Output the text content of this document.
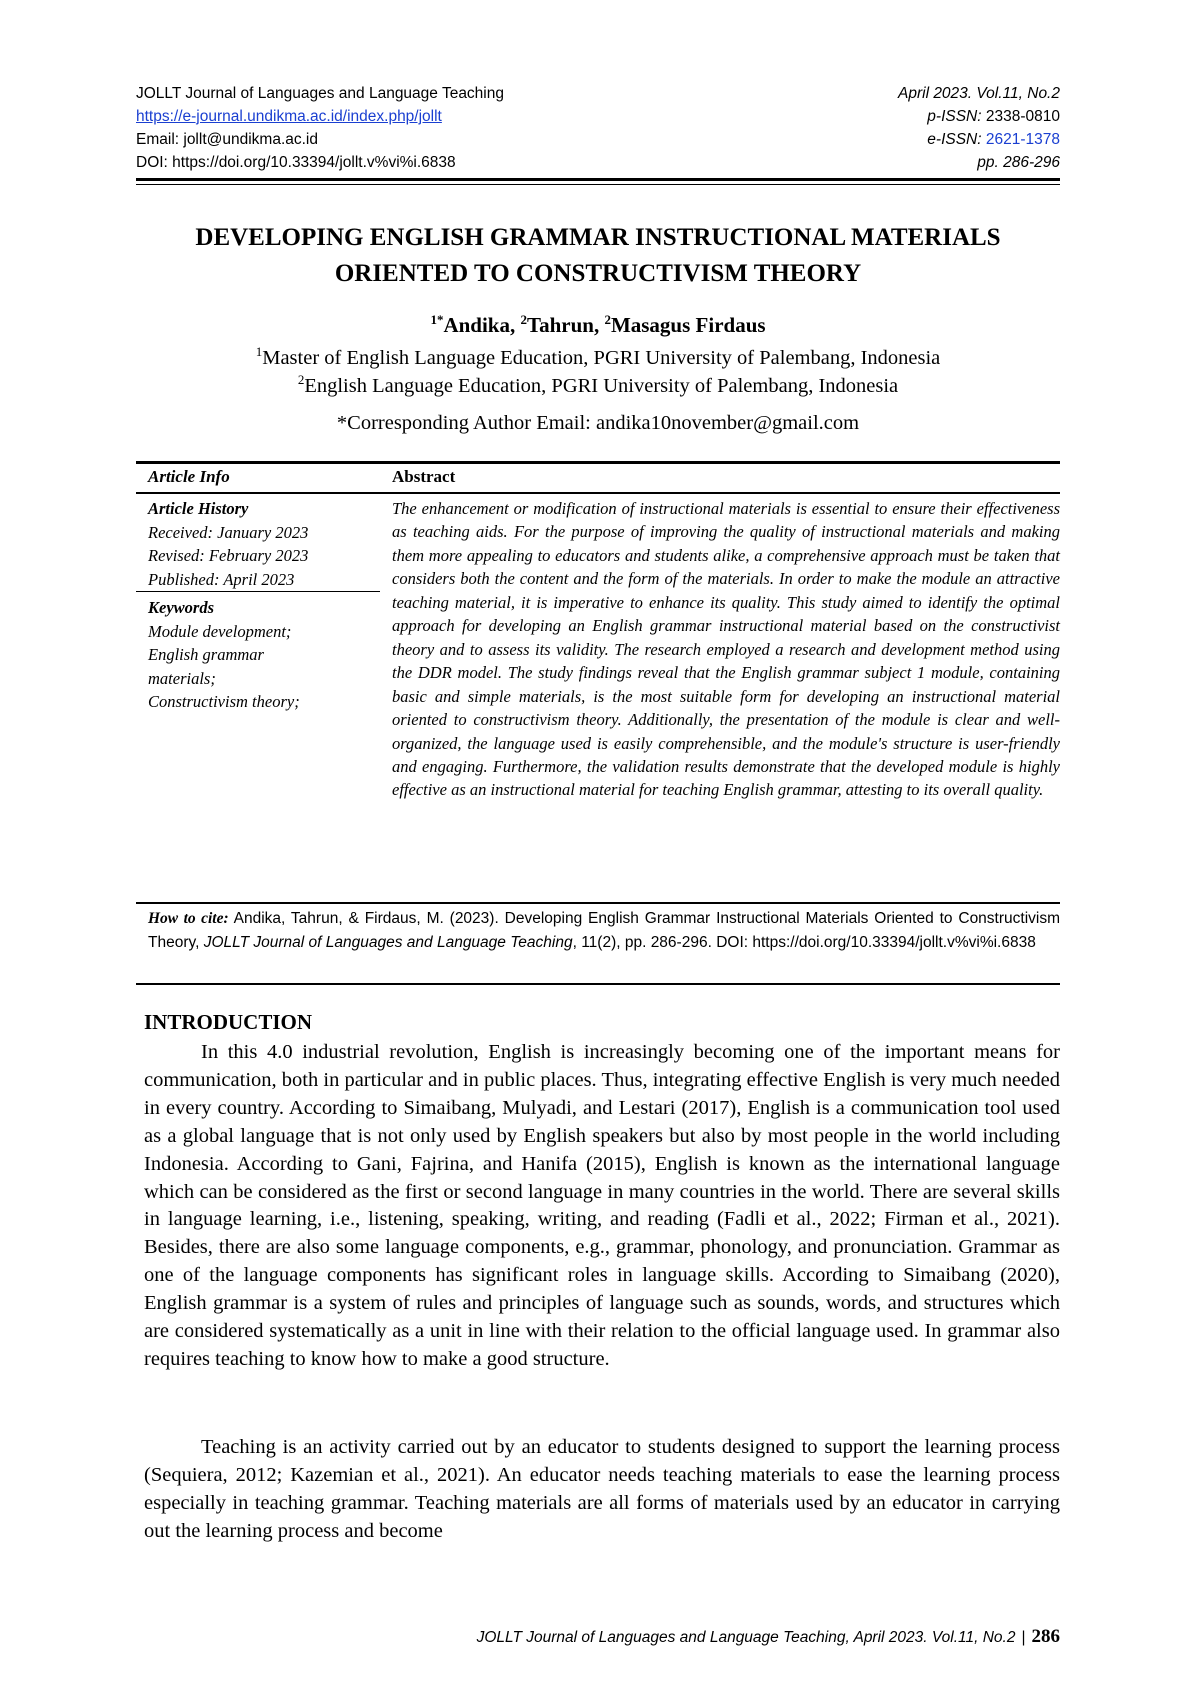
JOLLT Journal of Languages and Language Teaching	April 2023. Vol.11, No.2
https://e-journal.undikma.ac.id/index.php/jollt	p-ISSN: 2338-0810
Email: jollt@undikma.ac.id	e-ISSN: 2621-1378
DOI: https://doi.org/10.33394/jollt.v%vi%i.6838	pp. 286-296
DEVELOPING ENGLISH GRAMMAR INSTRUCTIONAL MATERIALS
ORIENTED TO CONSTRUCTIVISM THEORY
$^{1*}$Andika, $^2$Tahrun, $^2$Masagus Firdaus
$^1$Master of English Language Education, PGRI University of Palembang, Indonesia
$^2$English Language Education, PGRI University of Palembang, Indonesia
*Corresponding Author Email: andika10november@gmail.com
Article Info	Abstract
Article History
Received: January 2023
Revised: February 2023
Published: April 2023
Keywords
Module development;
English grammar
materials;
Constructivism theory;
The enhancement or modification of instructional materials is essential to ensure their effectiveness as teaching aids. For the purpose of improving the quality of instructional materials and making them more appealing to educators and students alike, a comprehensive approach must be taken that considers both the content and the form of the materials. In order to make the module an attractive teaching material, it is imperative to enhance its quality. This study aimed to identify the optimal approach for developing an English grammar instructional material based on the constructivist theory and to assess its validity. The research employed a research and development method using the DDR model. The study findings reveal that the English grammar subject 1 module, containing basic and simple materials, is the most suitable form for developing an instructional material oriented to constructivism theory. Additionally, the presentation of the module is clear and well-organized, the language used is easily comprehensible, and the module's structure is user-friendly and engaging. Furthermore, the validation results demonstrate that the developed module is highly effective as an instructional material for teaching English grammar, attesting to its overall quality.
How to cite: Andika, Tahrun, & Firdaus, M. (2023). Developing English Grammar Instructional Materials Oriented to Constructivism Theory, JOLLT Journal of Languages and Language Teaching, 11(2), pp. 286-296. DOI: https://doi.org/10.33394/jollt.v%vi%i.6838
INTRODUCTION

In this 4.0 industrial revolution, English is increasingly becoming one of the important means for communication, both in particular and in public places. Thus, integrating effective English is very much needed in every country. According to Simaibang, Mulyadi, and Lestari (2017), English is a communication tool used as a global language that is not only used by English speakers but also by most people in the world including Indonesia. According to Gani, Fajrina, and Hanifa (2015), English is known as the international language which can be considered as the first or second language in many countries in the world. There are several skills in language learning, i.e., listening, speaking, writing, and reading (Fadli et al., 2022; Firman et al., 2021). Besides, there are also some language components, e.g., grammar, phonology, and pronunciation. Grammar as one of the language components has significant roles in language skills. According to Simaibang (2020), English grammar is a system of rules and principles of language such as sounds, words, and structures which are considered systematically as a unit in line with their relation to the official language used. In grammar also requires teaching to know how to make a good structure.

Teaching is an activity carried out by an educator to students designed to support the learning process (Sequiera, 2012; Kazemian et al., 2021). An educator needs teaching materials to ease the learning process especially in teaching grammar. Teaching materials are all forms of materials used by an educator in carrying out the learning process and become

JOLLT Journal of Languages and Language Teaching, April 2023. Vol.11, No.2 | 286
